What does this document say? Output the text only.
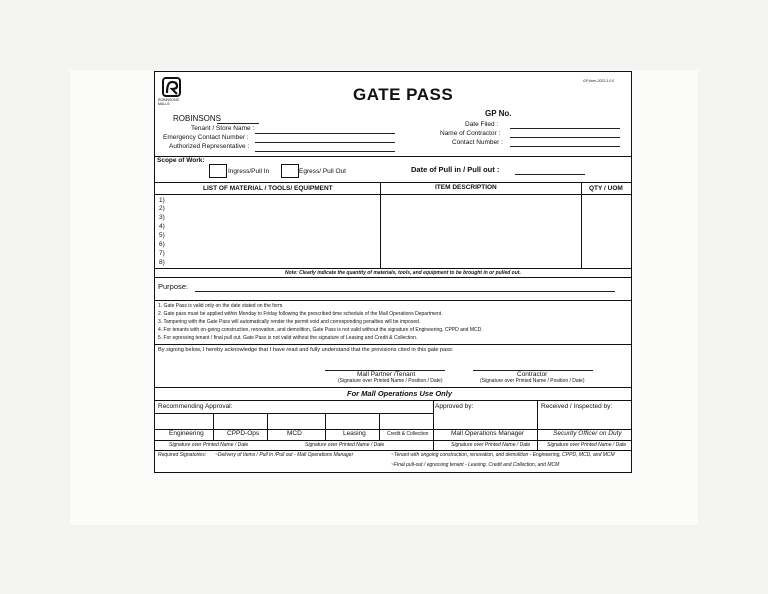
ROBINSONS MALLS	GATE PASS
GP-form-2023-1.0.0
ROBINSONS
GP No.
Tenant / Store Name :
Emergency Contact Number :
Authorized Representative :
Date Filed :
Name of Contractor :
Contact Number :
Scope of Work:
Ingress/Pull In	Egress/ Pull Out	Date of Pull in / Pull out :
LIST OF MATERIAL / TOOLS/ EQUIPMENT	ITEM DESCRIPTION	QTY / UOM
1)
2)
3)
4)
5)
6)
7)
8)
Note: Clearly indicate the quantity of materials, tools, and equipment to be brought in or pulled out.
Purpose:
1. Gate Pass is valid only on the date stated on the form.
2. Gate pass must be applied within Monday to Friday following the prescribed time schedule of the Mall Operations Department.
3. Tampering with the Gate Pass will automatically render the permit void and corresponding penalties will be imposed.
4. For tenants with on-going construction, renovation, and demolition, Gate Pass is not valid without the signature of Engineering, CPPD and MCD.
5. For egressing tenant / final pull out, Gate Pass is not valid without the signature of Leasing and Credit & Collection.
By signing below, I hereby acknowledge that I have read and fully understand that the provisions cited in this gate pass:
Mall Partner /Tenant
(Signature over Printed Name / Position / Date)
Contractor
(Signature over Printed Name / Position / Date)
For Mall Operations Use Only
Recommending Approval:	Approved by:	Received / Inspected by:
Engineering	CPPD-Ops	MCD	Leasing	Credit & Collection	Mall Operations Manager	Security Officer on Duty
Signature over Printed Name / Date	Signature over Printed Name / Date	Signature over Printed Name / Date	Signature over Printed Name / Date
Required Signatories: ~Delivery of Items / Pull In /Pull out - Mall Operations Manager	~Tenant with ongoing construction, renovation, and demolition - Engineering, CPPD, MCD, and MCM
~Final pull-out / egressing tenant - Leasing, Credit and Collection, and MCM
